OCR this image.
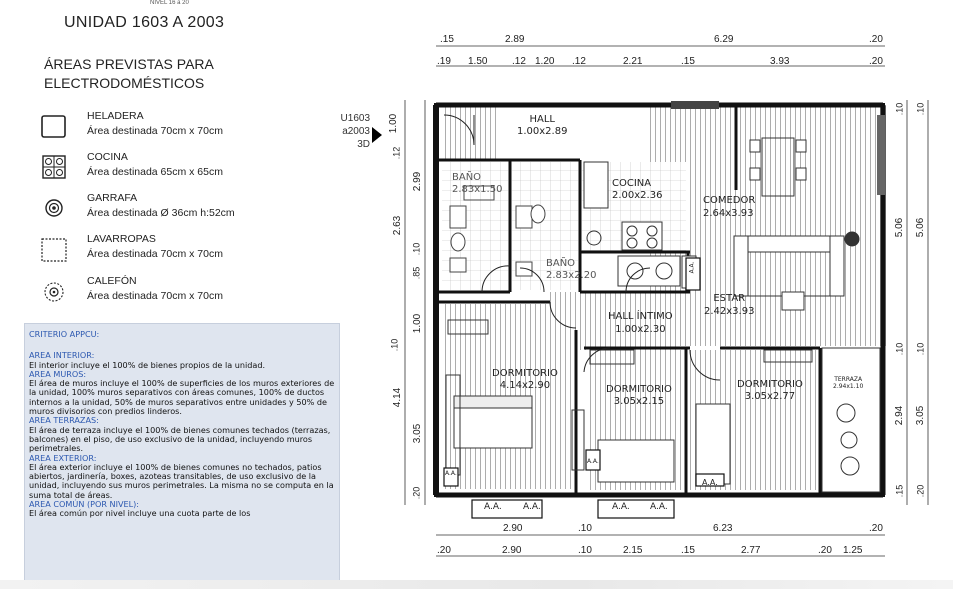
NIVEL 16 a 20
UNIDAD 1603 A 2003
ÁREAS PREVISTAS PARA ELECTRODOMÉSTICOS
HELADERA
Área destinada 70cm x 70cm
COCINA
Área destinada 65cm x 65cm
GARRAFA
Área destinada Ø 36cm h:52cm
LAVARROPAS
Área destinada 70cm x 70cm
CALEFÓN
Área destinada 70cm x 70cm
CRITERIO APPCU:

AREA INTERIOR:

El interior incluye el 100% de bienes propios de la unidad.

AREA MUROS:

El área de muros incluye el 100% de superficies de los muros exteriores de la unidad, 100% muros separativos con áreas comunes, 100% de ductos internos a la unidad, 50% de muros separativos entre unidades y 50% de muros divisorios con predios linderos.

AREA TERRAZAS:

El área de terraza incluye el 100% de bienes comunes techados (terrazas, balcones) en el piso, de uso exclusivo de la unidad, incluyendo muros perimetrales.

AREA EXTERIOR:

El área exterior incluye el 100% de bienes comunes no techados, patios abiertos, jardinería, boxes, azoteas transitables, de uso exclusivo de la unidad, incluyendo sus muros perimetrales. La misma no se computa en la suma total de áreas.

AREA COMÚN (POR NIVEL):

El área común por nivel incluye una cuota parte de los

U1603
a2003
3D
HALL
1.00x2.89
BAÑO
2.83x1.50
COCINA
2.00x2.36	COMEDOR
2.64x3.93
BAÑO
2.83x2.20
ESTAR
2.42x3.93
HALL ÍNTIMO
1.00x2.30
DORMITORIO
4.14x2.90	DORMITORIO
3.05x2.15
DORMITORIO
3.05x2.77
TERRAZA
2.94x1.10
A.A. A.A.	A.A. A.A.
A.A.
A.A.
A.A.
A.A.
.15	2.89	6.29	.20
.19 1.50 .12 1.20 .12	2.21	.15	3.93	.20
2.90	.10	6.23	.20
.20	2.90	.10	2.15	.15	2.77	.20 1.25
1.00
.12
2.99
2.63
.10
.85
1.00
.10
4.14
3.05
.20
.10
5.06
.10
2.94
.15
.10
5.06
.10
3.05
.20
